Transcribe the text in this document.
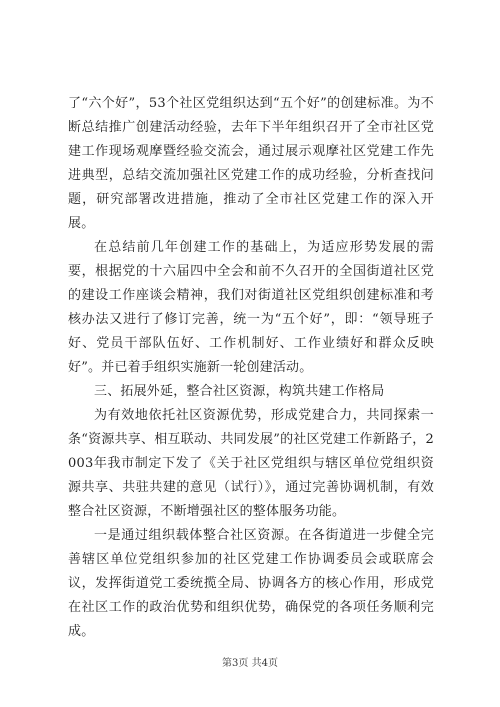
了“六个好”，53个社区党组织达到“五个好”的创建标准。为不断总结推广创建活动经验，去年下半年组织召开了全市社区党建工作现场观摩暨经验交流会，通过展示观摩社区党建工作先进典型，总结交流加强社区党建工作的成功经验，分析查找问题，研究部署改进措施，推动了全市社区党建工作的深入开展。

在总结前几年创建工作的基础上，为适应形势发展的需要，根据党的十六届四中全会和前不久召开的全国街道社区党的建设工作座谈会精神，我们对街道社区党组织创建标准和考核办法又进行了修订完善，统一为“五个好”，即：“领导班子好、党员干部队伍好、工作机制好、工作业绩好和群众反映好”。并已着手组织实施新一轮创建活动。

三、拓展外延，整合社区资源，构筑共建工作格局

为有效地依托社区资源优势，形成党建合力，共同探索一条“资源共享、相互联动、共同发展”的社区党建工作新路子，2003年我市制定下发了《关于社区党组织与辖区单位党组织资源共享、共驻共建的意见（试行）》，通过完善协调机制，有效整合社区资源，不断增强社区的整体服务功能。

一是通过组织载体整合社区资源。在各街道进一步健全完善辖区单位党组织参加的社区党建工作协调委员会或联席会议，发挥街道党工委统揽全局、协调各方的核心作用，形成党在社区工作的政治优势和组织优势，确保党的各项任务顺利完成。

第3页 共4页
